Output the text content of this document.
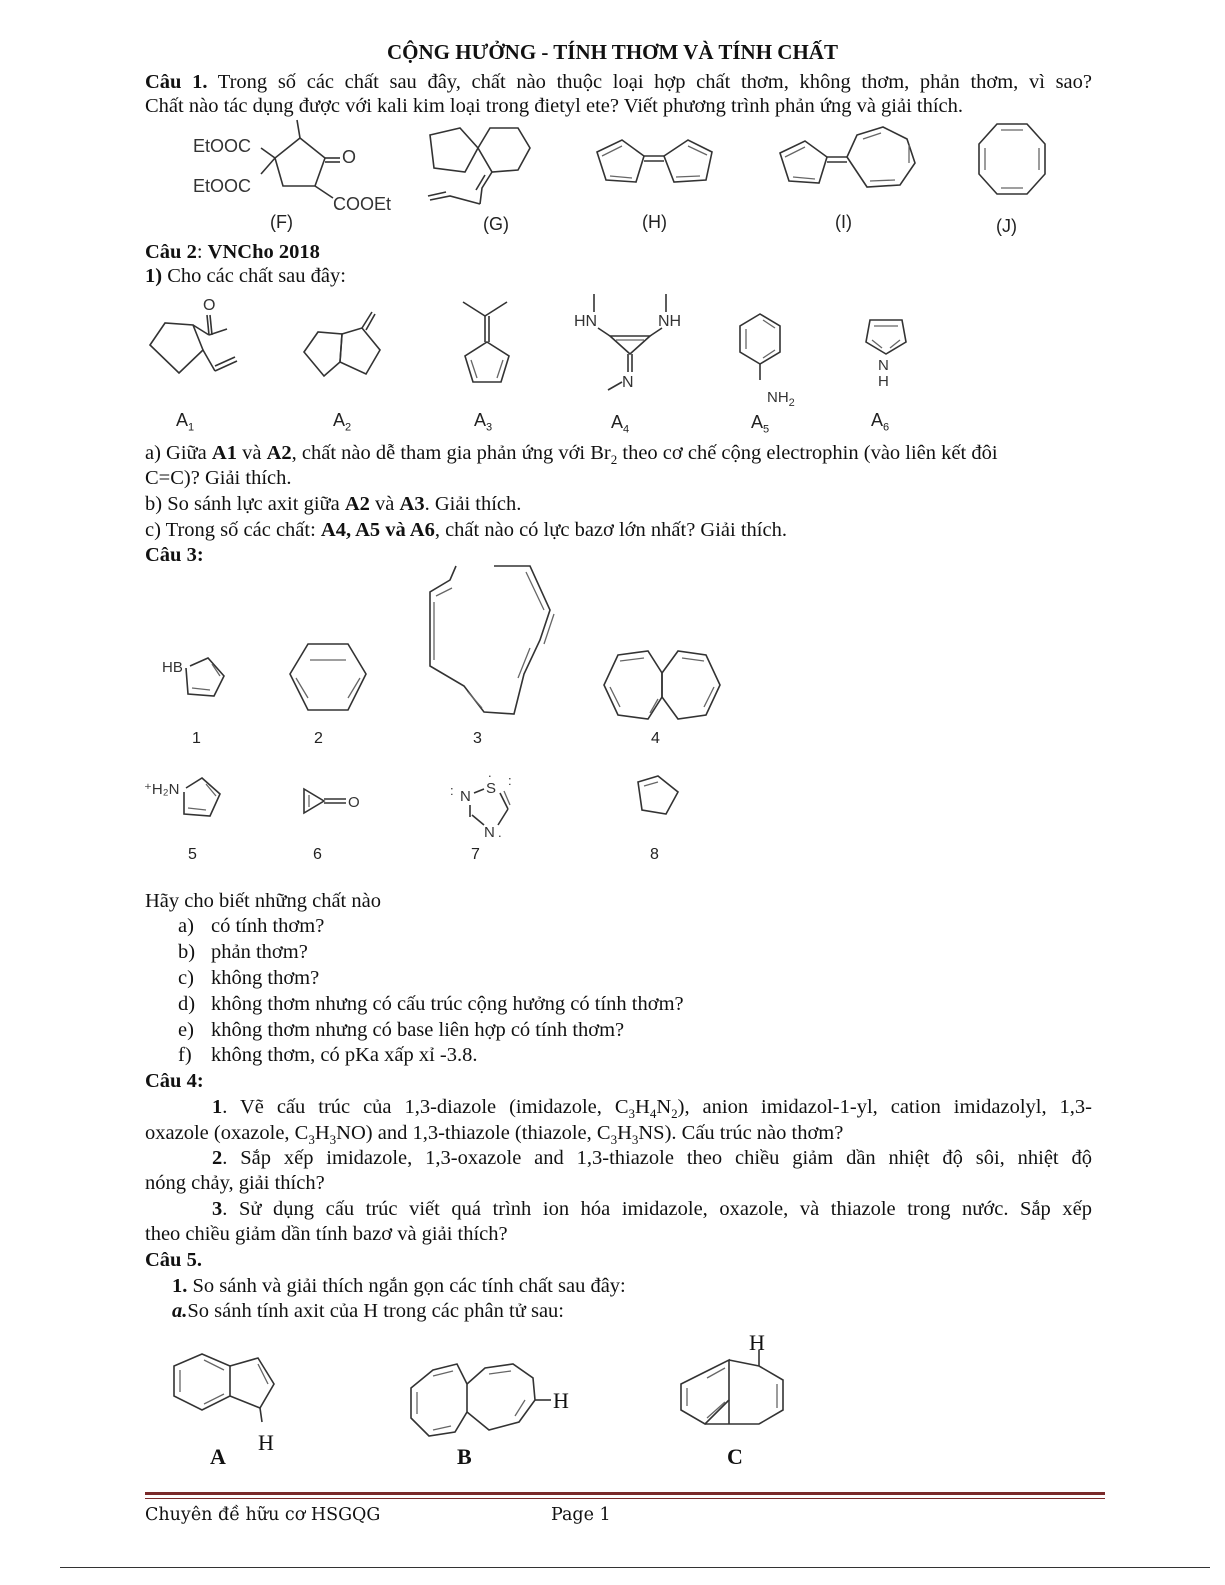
CỘNG HƯỞNG - TÍNH THƠM VÀ TÍNH CHẤT
Câu 1. Trong số các chất sau đây, chất nào thuộc loại hợp chất thơm, không thơm, phản thơm, vì sao?
Chất nào tác dụng được với kali kim loại trong đietyl ete? Viết phương trình phản ứng và giải thích.
EtOOC
EtOOC
O
COOEt
(F)	(G)	(H)	(I)	(J)
Câu 2: VNCho 2018
1) Cho các chất sau đây:
O
HN	NH
N
$NH_2$
N
H
$A_1$	$A_2$	$A_3$	$A_4$	$A_5$	$A_6$
a) Giữa A1 và A2, chất nào dễ tham gia phản ứng với $Br_2$ theo cơ chế cộng electrophin (vào liên kết đôi
C=C)? Giải thích.
b) So sánh lực axit giữa A2 và A3. Giải thích.
c) Trong số các chất: A4, A5 và A6, chất nào có lực bazơ lớn nhất? Giải thích.
Câu 3:
HB
1	2	3	4
⁺H₂N
O	N S
N
:
:
.
.
5	6	7	8
Hãy cho biết những chất nào
a) có tính thơm?
b) phản thơm?
c) không thơm?
d) không thơm nhưng có cấu trúc cộng hưởng có tính thơm?
e) không thơm nhưng có base liên hợp có tính thơm?
f) không thơm, có pKa xấp xỉ -3.8.
Câu 4:
1. Vẽ cấu trúc của 1,3-diazole (imidazole, $C_3H_4N_2$), anion imidazol-1-yl, cation imidazolyl, 1,3-
oxazole (oxazole, $C_3H_3NO$) and 1,3-thiazole (thiazole, $C_3H_3NS$). Cấu trúc nào thơm?
2. Sắp xếp imidazole, 1,3-oxazole and 1,3-thiazole theo chiều giảm dần nhiệt độ sôi, nhiệt độ
nóng chảy, giải thích?
3. Sử dụng cấu trúc viết quá trình ion hóa imidazole, oxazole, và thiazole trong nước. Sắp xếp
theo chiều giảm dần tính bazơ và giải thích?
Câu 5.
1. So sánh và giải thích ngắn gọn các tính chất sau đây:
a.So sánh tính axit của H trong các phân tử sau:
H
A
H
B
H
C
Chuyên đề hữu cơ HSGQG	Page 1
